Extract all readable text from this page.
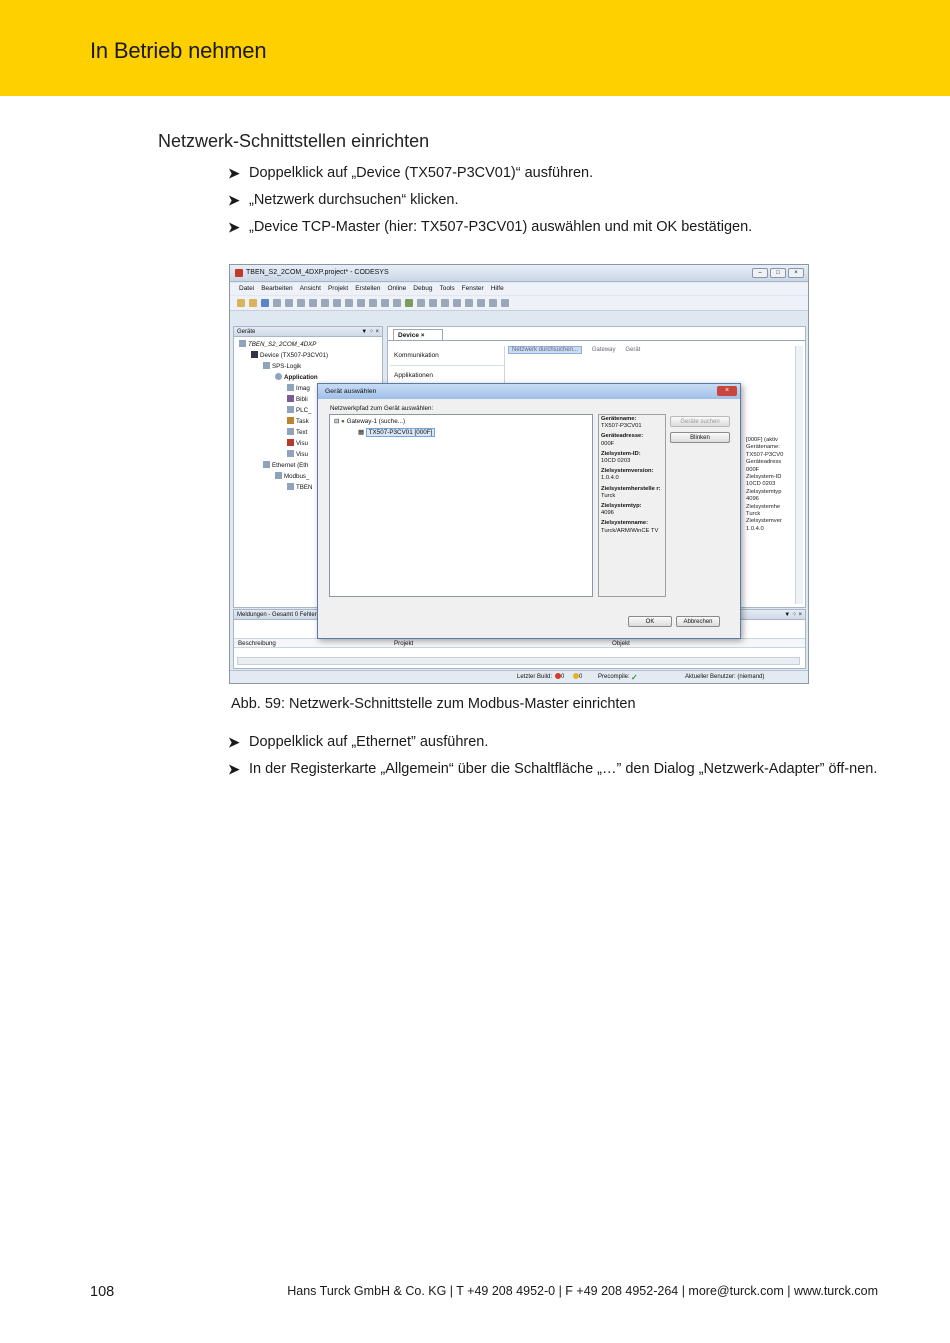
In Betrieb nehmen
Netzwerk-Schnittstellen einrichten
➤ Doppelklick auf „Device (TX507-P3CV01)“ ausführen.
➤ „Netzwerk durchsuchen“ klicken.
➤ „Device TCP-Master (hier: TX507-P3CV01) auswählen und mit OK bestätigen.
TBEN_S2_2COM_4DXP.project* - CODESYS	–	□	×
Datei Bearbeiten Ansicht Projekt Erstellen Online Debug Tools Fenster Hilfe
Geräte	▼ ⁘ ×
TBEN_S2_2COM_4DXP
Device (TX507-P3CV01)
SPS-Logik
Application
Imag
Bibli
PLC_
Task
Text
Visu
Visu
Ethernet (Eth
Modbus_
TBEN
Device ×
Kommunikation
Applikationen
Netzwerk durchsuchen... Gateway Gerät
[000F] (aktiv
Gerätename:
TX507-P3CV0
Geräteadress
000F
Zielsystem-ID
10CD 0203
Zielsystemtyp
4096
Zielsystemhe
Turck
Zielsystemver
1.0.4.0
Meldungen - Gesamt 0 Fehler	▼ ⁘ ×
Beschreibung	Projekt	Objekt
Letzter Build: 0 0	Precompile: ✓	Aktueller Benutzer: (niemand)
Gerät auswählen	×
Netzwerkpfad zum Gerät auswählen:
⊟ ● Gateway-1 (suche...)
▦ TX507-P3CV01 [000F]
Gerätename:
TX507-P3CV01
Geräteadresse:
000F
Zielsystem-ID:
10CD 0203
Zielsystemversion:
1.0.4.0
Zielsystemherstelle r:
Turck
Zielsystemtyp:
4096
Zielsystemname:
Turck/ARM/WinCE TV
Geräte suchen
Blinken
OK	Abbrechen
Abb. 59: Netzwerk-Schnittstelle zum Modbus-Master einrichten
➤ Doppelklick auf „Ethernet” ausführen.
➤ In der Registerkarte „Allgemein“ über die Schaltfläche „…” den Dialog „Netzwerk-Adapter” öff-nen.
108	Hans Turck GmbH & Co. KG | T +49 208 4952-0 | F +49 208 4952-264 | more@turck.com | www.turck.com
